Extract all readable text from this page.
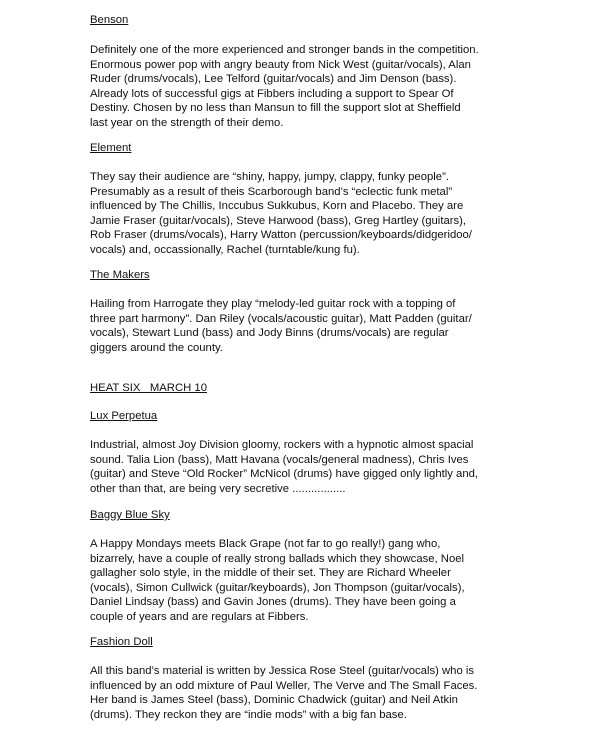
Benson
Definitely one of the more experienced and stronger bands in the competition.
Enormous power pop with angry beauty from Nick West (guitar/vocals), Alan
Ruder (drums/vocals), Lee Telford (guitar/vocals) and Jim Denson (bass).
Already lots of successful gigs at Fibbers including a support to Spear Of
Destiny. Chosen by no less than Mansun to fill the support slot at Sheffield
last year on the strength of their demo.
Element
They say their audience are “shiny, happy, jumpy, clappy, funky people”.
Presumably as a result of theis Scarborough band’s “eclectic funk metal”
influenced by The Chillis, Inccubus Sukkubus, Korn and Placebo. They are
Jamie Fraser (guitar/vocals), Steve Harwood (bass), Greg Hartley (guitars),
Rob Fraser (drums/vocals), Harry Watton (percussion/keyboards/didgeridoo/
vocals) and, occassionally, Rachel (turntable/kung fu).
The Makers
Hailing from Harrogate they play “melody-led guitar rock with a topping of
three part harmony”. Dan Riley (vocals/acoustic guitar), Matt Padden (guitar/
vocals), Stewart Lund (bass) and Jody Binns (drums/vocals) are regular
giggers around the county.
HEAT SIX   MARCH 10
Lux Perpetua
Industrial, almost Joy Division gloomy, rockers with a hypnotic almost spacial
sound. Talia Lion (bass), Matt Havana (vocals/general madness), Chris Ives
(guitar) and Steve “Old Rocker” McNicol (drums) have gigged only lightly and,
other than that, are being very secretive .................
Baggy Blue Sky
A Happy Mondays meets Black Grape (not far to go really!) gang who,
bizarrely, have a couple of really strong ballads which they showcase, Noel
gallagher solo style, in the middle of their set. They are Richard Wheeler
(vocals), Simon Cullwick (guitar/keyboards), Jon Thompson (guitar/vocals),
Daniel Lindsay (bass) and Gavin Jones (drums). They have been going a
couple of years and are regulars at Fibbers.
Fashion Doll
All this band’s material is written by Jessica Rose Steel (guitar/vocals) who is
influenced by an odd mixture of Paul Weller, The Verve and The Small Faces.
Her band is James Steel (bass), Dominic Chadwick (guitar) and Neil Atkin
(drums). They reckon they are “indie mods” with a big fan base.
